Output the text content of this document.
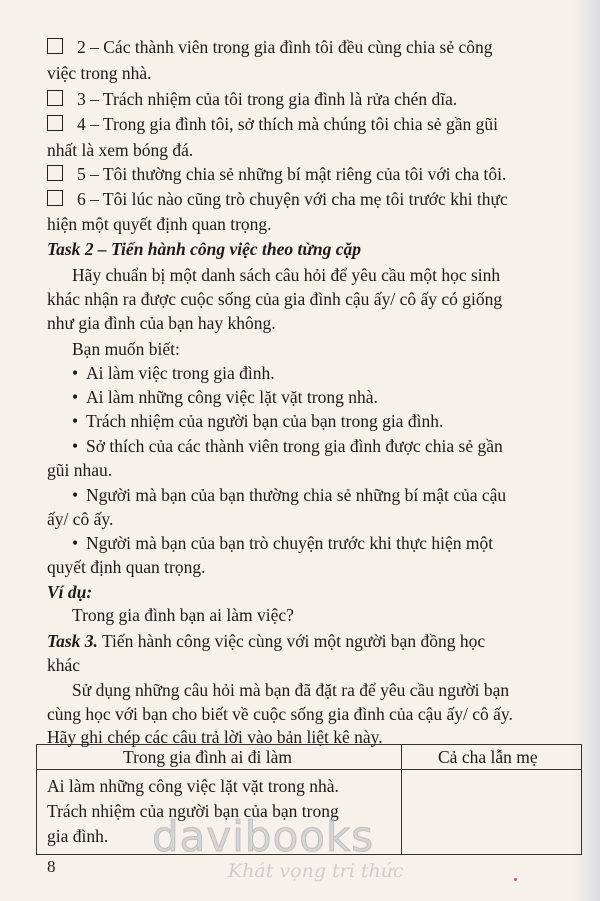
2 – Các thành viên trong gia đình tôi đều cùng chia sẻ công
việc trong nhà.
3 – Trách nhiệm của tôi trong gia đình là rửa chén dĩa.
4 – Trong gia đình tôi, sở thích mà chúng tôi chia sẻ gần gũi
nhất là xem bóng đá.
5 – Tôi thường chia sẻ những bí mật riêng của tôi với cha tôi.
6 – Tôi lúc nào cũng trò chuyện với cha mẹ tôi trước khi thực
hiện một quyết định quan trọng.
Task 2 – Tiến hành công việc theo từng cặp
Hãy chuẩn bị một danh sách câu hỏi để yêu cầu một học sinh
khác nhận ra được cuộc sống của gia đình cậu ấy/ cô ấy có giống
như gia đình của bạn hay không.
Bạn muốn biết:
• Ai làm việc trong gia đình.
• Ai làm những công việc lặt vặt trong nhà.
• Trách nhiệm của người bạn của bạn trong gia đình.
• Sở thích của các thành viên trong gia đình được chia sẻ gần
gũi nhau.
• Người mà bạn của bạn thường chia sẻ những bí mật của cậu
ấy/ cô ấy.
• Người mà bạn của bạn trò chuyện trước khi thực hiện một
quyết định quan trọng.
Ví dụ:
Trong gia đình bạn ai làm việc?
Task 3. Tiến hành công việc cùng với một người bạn đồng học
khác
Sử dụng những câu hỏi mà bạn đã đặt ra để yêu cầu người bạn
cùng học với bạn cho biết về cuộc sống gia đình của cậu ấy/ cô ấy.
Hãy ghi chép các câu trả lời vào bản liệt kê này.
Trong gia đình ai đi làm	Cả cha lẫn mẹ
Ai làm những công việc lặt vặt trong nhà.
Trách nhiệm của người bạn của bạn trong
gia đình.
8
davibooks
Khát vọng tri thức
